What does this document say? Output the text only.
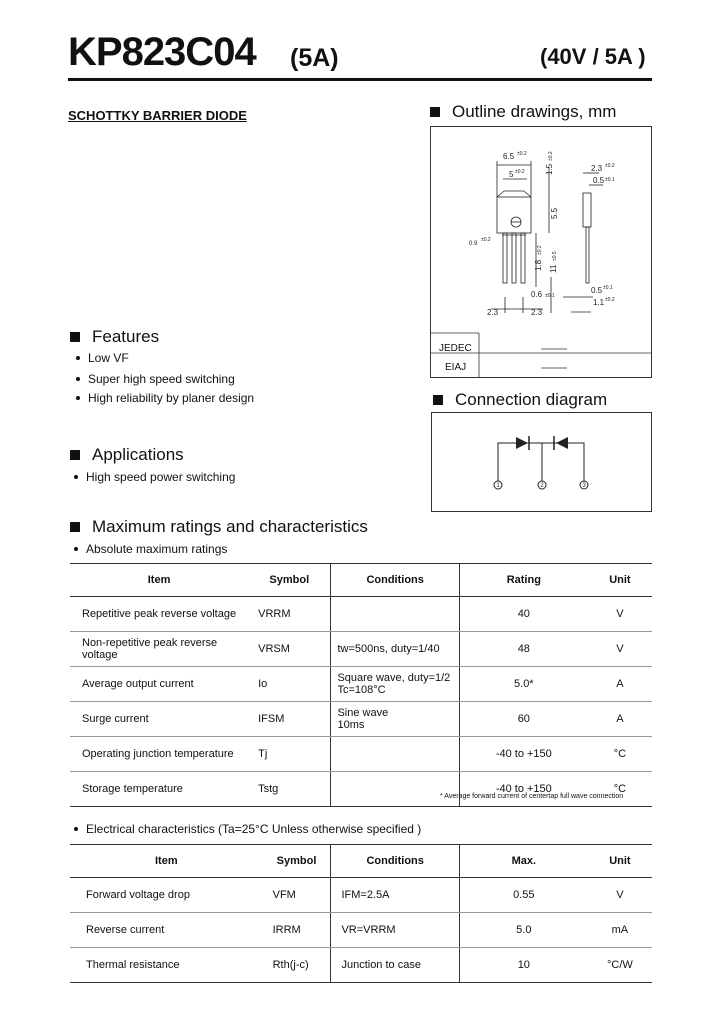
KP823C04 (5A)	(40V / 5A )
SCHOTTKY BARRIER DIODE	Outline drawings, mm
6.5 ±0.2
5 ±0.2	1.5
±0.2
5.5
2.3 ±0.2
0.5 ±0.1
0.9
±0.2
1.8
±0.2
11
±0.5
0.6 ±0.1
0.5 ±0.1
1.1 ±0.2
2.3	2.3
JEDEC
EIAJ
Features
Low VF
Super high speed switching
High reliability by planer design
Applications
High speed power switching
Connection diagram
1	2	3
Maximum ratings and characteristics
Absolute maximum ratings
Item	Symbol	Conditions	Rating	Unit
Repetitive peak reverse voltage	VRRM		40	V
Non-repetitive peak reverse voltage	VRSM	tw=500ns, duty=1/40	48	V
Average output current	Io	Square wave, duty=1/2
Tc=108°C	5.0*	A
Surge current	IFSM	Sine wave
10ms	60	A
Operating junction temperature	Tj		-40 to +150	°C
Storage temperature	Tstg		-40 to +150	°C
* Average forward current of centertap full wave connection
Electrical characteristics (Ta=25°C Unless otherwise specified )
Item	Symbol	Conditions	Max.	Unit
Forward voltage drop	VFM	IFM=2.5A	0.55	V
Reverse current	IRRM	VR=VRRM	5.0	mA
Thermal resistance	Rth(j-c)	Junction to case	10	°C/W
